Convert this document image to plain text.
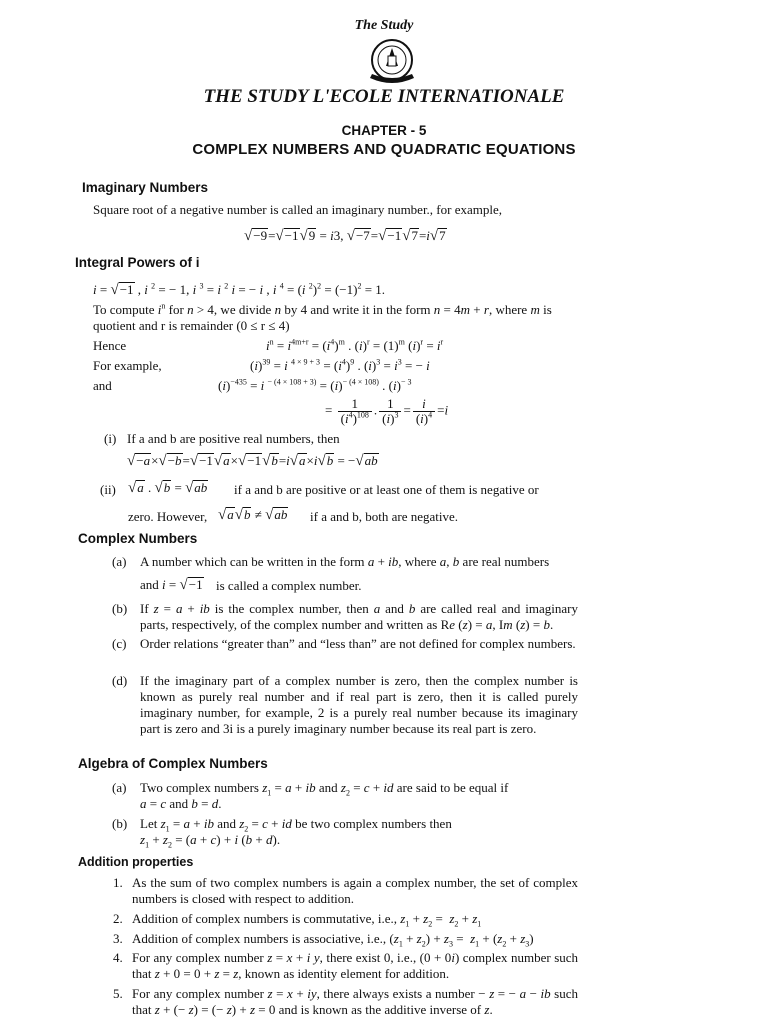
The Study
THE STUDY L'ECOLE INTERNATIONALE
CHAPTER - 5
COMPLEX NUMBERS AND QUADRATIC EQUATIONS
Imaginary Numbers
Square root of a negative number is called an imaginary number., for example,
√−9=√−1√9 = i3, √−7=√−1√7=i√7
Integral Powers of i
i = √−1 , i $^2$ = − 1, i $^3$ = i $^2$ i = − i , i $^4$ = (i $^2)^2 = (-1)^2 = 1$.
To compute $i^n$ for n > 4, we divide n by 4 and write it in the form n = 4m + r, where m is
quotient and r is remainder (0 ≤ r ≤ 4)
Hence	$i^n = i^{4m+r} = (i^4)^m$ . $(i)^r = (1)^m$ $(i)^r = i^r$
For example,	$(i)^{39} = i$ $^{4 \times 9 + 3} = (i^4)^9$ . $(i)^3 = i^3$ = − i
and	$(i)^{-435} = i$ $^{- (4 \times 108 + 3)} = (i)^{- (4 \times 108)}$ . $(i)^{- 3}$
= $\frac{1}{(i^4)^{108}}$ . $\frac{1}{(i)^3} = \frac{i}{(i)^4} =i$
(i) If a and b are positive real numbers, then
√−a×√−b=√−1√a×√−1√b=i√a×i√b = −√ab
(ii) √a . √b = √ab if a and b are positive or at least one of them is negative or
zero. However, √a√b ≠ √ab if a and b, both are negative.
Complex Numbers
(a) A number which can be written in the form a + ib, where a, b are real numbers
and i = √−1 is called a complex number.
(b) If z = a + ib is the complex number, then a and b are called real and imaginary parts, respectively, of the complex number and written as Re (z) = a, Im (z) = b.
(c) Order relations “greater than” and “less than” are not defined for complex numbers.
(d) If the imaginary part of a complex number is zero, then the complex number is known as purely real number and if real part is zero, then it is called purely imaginary number, for example, 2 is a purely real number because its imaginary part is zero and 3i is a purely imaginary number because its real part is zero.
Algebra of Complex Numbers
(a) Two complex numbers $z_1 = a$ + ib and $z_2 = c$ + id are said to be equal if
a = c and b = d.
(b) Let $z_1 = a$ + ib and $z_2 = c$ + id be two complex numbers then
$z_1 + z_2 = (a + c) + i$ (b + d).
Addition properties
1. As the sum of two complex numbers is again a complex number, the set of complex numbers is closed with respect to addition.
2. Addition of complex numbers is commutative, i.e., $z_1 + z_2 = z_2 + z_1$
3. Addition of complex numbers is associative, i.e., $(z_1 + z_2) + z_3 = z_1 + (z_2 + z_3)$
4. For any complex number z = x + i y, there exist 0, i.e., (0 + 0i) complex number such that z + 0 = 0 + z = z, known as identity element for addition.
5. For any complex number z = x + iy, there always exists a number − z = − a − ib such that z + (− z) = (− z) + z = 0 and is known as the additive inverse of z.
